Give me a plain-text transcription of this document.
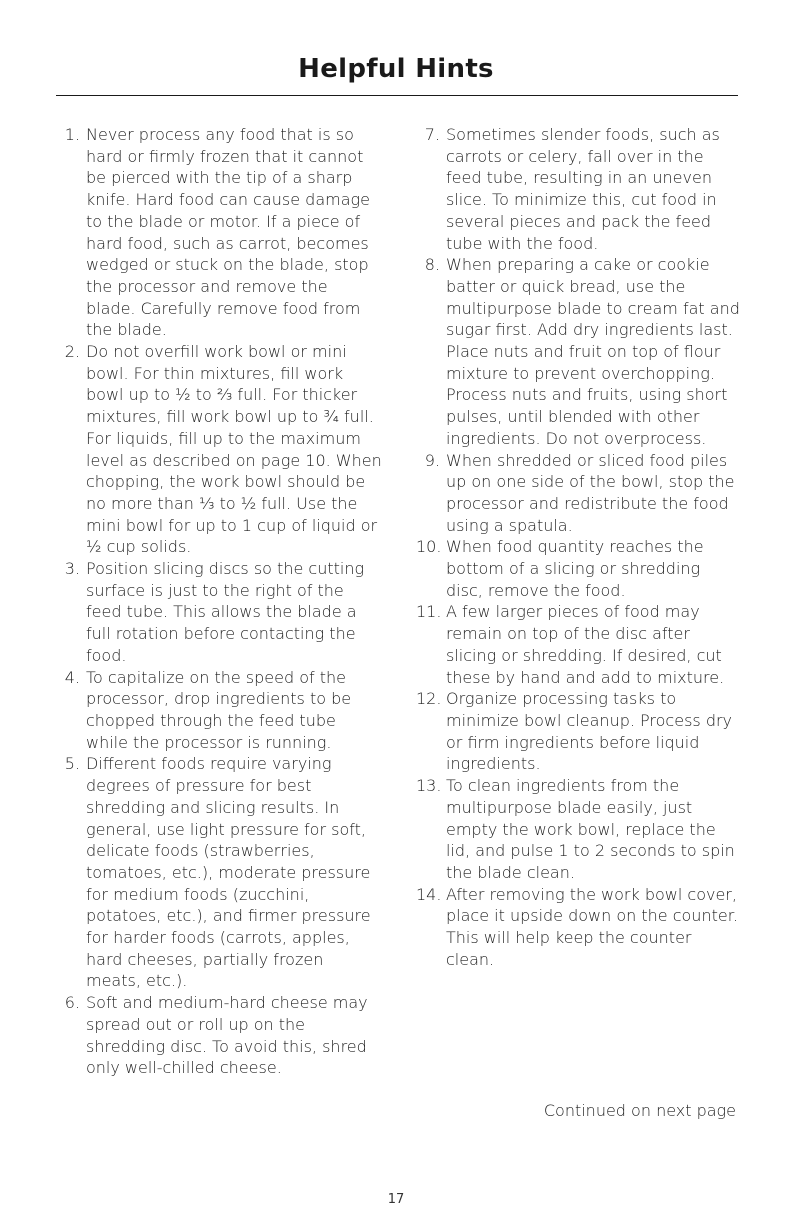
Helpful Hints
1. Never process any food that is so hard or firmly frozen that it cannot be pierced with the tip of a sharp knife. Hard food can cause damage to the blade or motor. If a piece of hard food, such as carrot, becomes wedged or stuck on the blade, stop the processor and remove the blade. Carefully remove food from the blade.
2. Do not overfill work bowl or mini bowl. For thin mixtures, fill work bowl up to ½ to ⅔ full. For thicker mixtures, fill work bowl up to ¾ full. For liquids, fill up to the maximum level as described on page 10. When chopping, the work bowl should be no more than ⅓ to ½ full. Use the mini bowl for up to 1 cup of liquid or ½ cup solids.
3. Position slicing discs so the cutting surface is just to the right of the feed tube. This allows the blade a full rotation before contacting the food.
4. To capitalize on the speed of the processor, drop ingredients to be chopped through the feed tube while the processor is running.
5. Different foods require varying degrees of pressure for best shredding and slicing results. In general, use light pressure for soft, delicate foods (strawberries, tomatoes, etc.), moderate pressure for medium foods (zucchini, potatoes, etc.), and firmer pressure for harder foods (carrots, apples, hard cheeses, partially frozen meats, etc.).
6. Soft and medium-hard cheese may spread out or roll up on the shredding disc. To avoid this, shred only well-chilled cheese.
7. Sometimes slender foods, such as carrots or celery, fall over in the feed tube, resulting in an uneven slice. To minimize this, cut food in several pieces and pack the feed tube with the food.
8. When preparing a cake or cookie batter or quick bread, use the multipurpose blade to cream fat and sugar first. Add dry ingredients last. Place nuts and fruit on top of flour mixture to prevent overchopping. Process nuts and fruits, using short pulses, until blended with other ingredients. Do not overprocess.
9. When shredded or sliced food piles up on one side of the bowl, stop the processor and redistribute the food using a spatula.
10. When food quantity reaches the bottom of a slicing or shredding disc, remove the food.
11. A few larger pieces of food may remain on top of the disc after slicing or shredding. If desired, cut these by hand and add to mixture.
12. Organize processing tasks to minimize bowl cleanup. Process dry or firm ingredients before liquid ingredients.
13. To clean ingredients from the multipurpose blade easily, just empty the work bowl, replace the lid, and pulse 1 to 2 seconds to spin the blade clean.
14. After removing the work bowl cover, place it upside down on the counter. This will help keep the counter clean.

Continued on next page

17
